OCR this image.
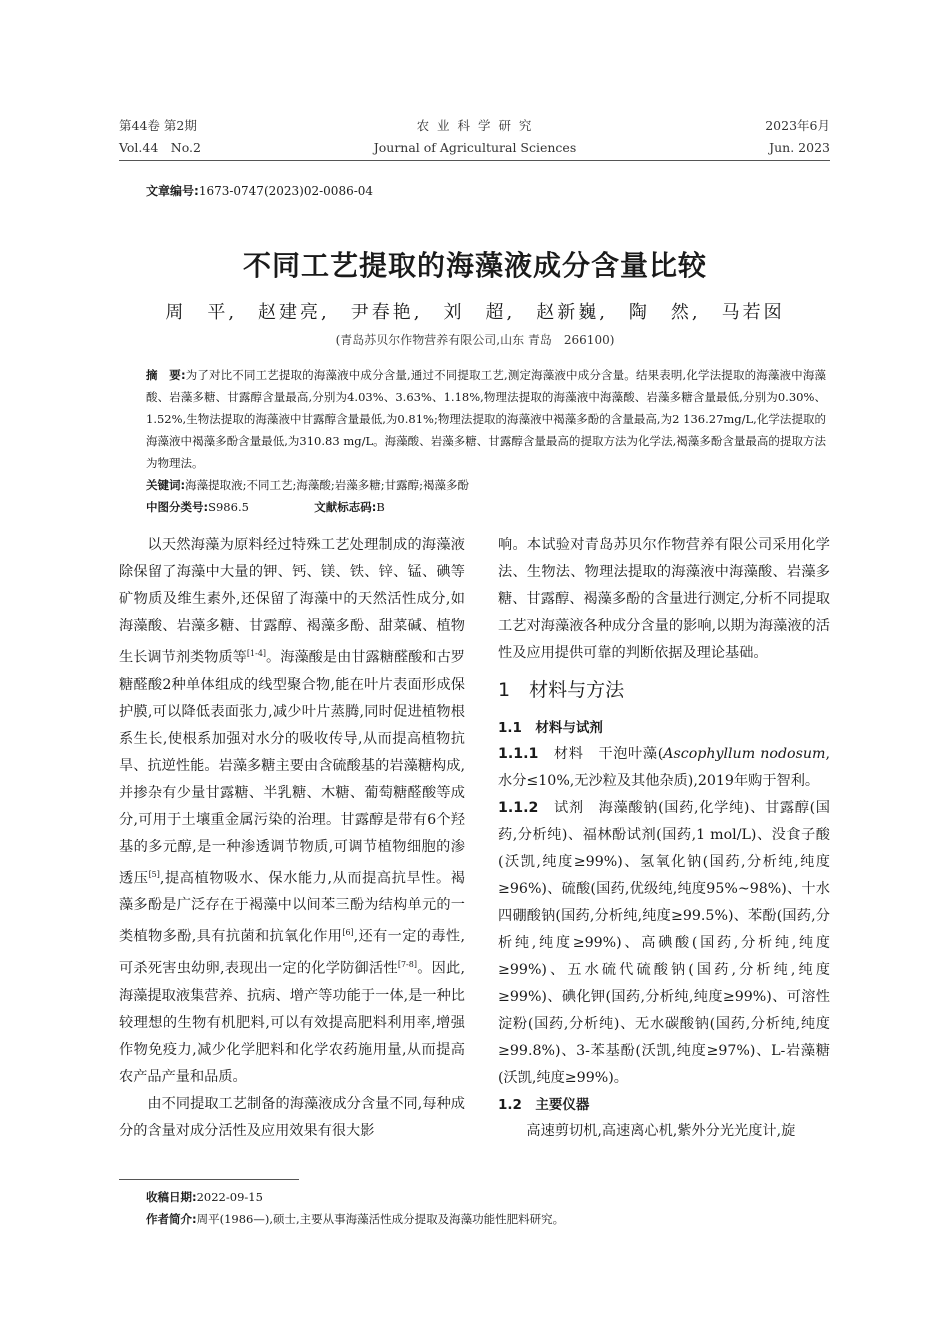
第44卷 第2期
Vol.44　No.2
农 业 科 学 研 究
Journal of Agricultural Sciences
2023年6月
Jun. 2023
文章编号:1673-0747(2023)02-0086-04
不同工艺提取的海藻液成分含量比较
周　平,　赵建亮,　尹春艳,　刘　超,　赵新巍,　陶　然,　马若囡
(青岛苏贝尔作物营养有限公司,山东 青岛　266100)
摘　要:为了对比不同工艺提取的海藻液中成分含量,通过不同提取工艺,测定海藻液中成分含量。结果表明,化学法提取的海藻液中海藻酸、岩藻多糖、甘露醇含量最高,分别为4.03%、3.63%、1.18%,物理法提取的海藻液中海藻酸、岩藻多糖含量最低,分别为0.30%、1.52%,生物法提取的海藻液中甘露醇含量最低,为0.81%;物理法提取的海藻液中褐藻多酚的含量最高,为2 136.27mg/L,化学法提取的海藻液中褐藻多酚含量最低,为310.83 mg/L。海藻酸、岩藻多糖、甘露醇含量最高的提取方法为化学法,褐藻多酚含量最高的提取方法为物理法。
关键词:海藻提取液;不同工艺;海藻酸;岩藻多糖;甘露醇;褐藻多酚
中图分类号:S986.5	文献标志码:B

以天然海藻为原料经过特殊工艺处理制成的海藻液除保留了海藻中大量的钾、钙、镁、铁、锌、锰、碘等矿物质及维生素外,还保留了海藻中的天然活性成分,如海藻酸、岩藻多糖、甘露醇、褐藻多酚、甜菜碱、植物生长调节剂类物质等[1-4]。海藻酸是由甘露糖醛酸和古罗糖醛酸2种单体组成的线型聚合物,能在叶片表面形成保护膜,可以降低表面张力,减少叶片蒸腾,同时促进植物根系生长,使根系加强对水分的吸收传导,从而提高植物抗旱、抗逆性能。岩藻多糖主要由含硫酸基的岩藻糖构成,并掺杂有少量甘露糖、半乳糖、木糖、葡萄糖醛酸等成分,可用于土壤重金属污染的治理。甘露醇是带有6个羟基的多元醇,是一种渗透调节物质,可调节植物细胞的渗透压[5],提高植物吸水、保水能力,从而提高抗旱性。褐藻多酚是广泛存在于褐藻中以间苯三酚为结构单元的一类植物多酚,具有抗菌和抗氧化作用[6],还有一定的毒性,可杀死害虫幼卵,表现出一定的化学防御活性[7-8]。因此,海藻提取液集营养、抗病、增产等功能于一体,是一种比较理想的生物有机肥料,可以有效提高肥料利用率,增强作物免疫力,减少化学肥料和化学农药施用量,从而提高农产品产量和品质。

由不同提取工艺制备的海藻液成分含量不同,每种成分的含量对成分活性及应用效果有很大影

响。本试验对青岛苏贝尔作物营养有限公司采用化学法、生物法、物理法提取的海藻液中海藻酸、岩藻多糖、甘露醇、褐藻多酚的含量进行测定,分析不同提取工艺对海藻液各种成分含量的影响,以期为海藻液的活性及应用提供可靠的判断依据及理论基础。

1　材料与方法
1.1　材料与试剂

1.1.1　材料　干泡叶藻(Ascophyllum nodosum,水分≤10%,无沙粒及其他杂质),2019年购于智利。

1.1.2　试剂　海藻酸钠(国药,化学纯)、甘露醇(国药,分析纯)、福林酚试剂(国药,1 mol/L)、没食子酸(沃凯,纯度≥99%)、氢氧化钠(国药,分析纯,纯度≥96%)、硫酸(国药,优级纯,纯度95%~98%)、十水四硼酸钠(国药,分析纯,纯度≥99.5%)、苯酚(国药,分析纯,纯度≥99%)、高碘酸(国药,分析纯,纯度≥99%)、五水硫代硫酸钠(国药,分析纯,纯度≥99%)、碘化钾(国药,分析纯,纯度≥99%)、可溶性淀粉(国药,分析纯)、无水碳酸钠(国药,分析纯,纯度≥99.8%)、3-苯基酚(沃凯,纯度≥97%)、L-岩藻糖(沃凯,纯度≥99%)。

1.2　主要仪器

高速剪切机,高速离心机,紫外分光光度计,旋

收稿日期:2022-09-15
作者简介:周平(1986—),硕士,主要从事海藻活性成分提取及海藻功能性肥料研究。
